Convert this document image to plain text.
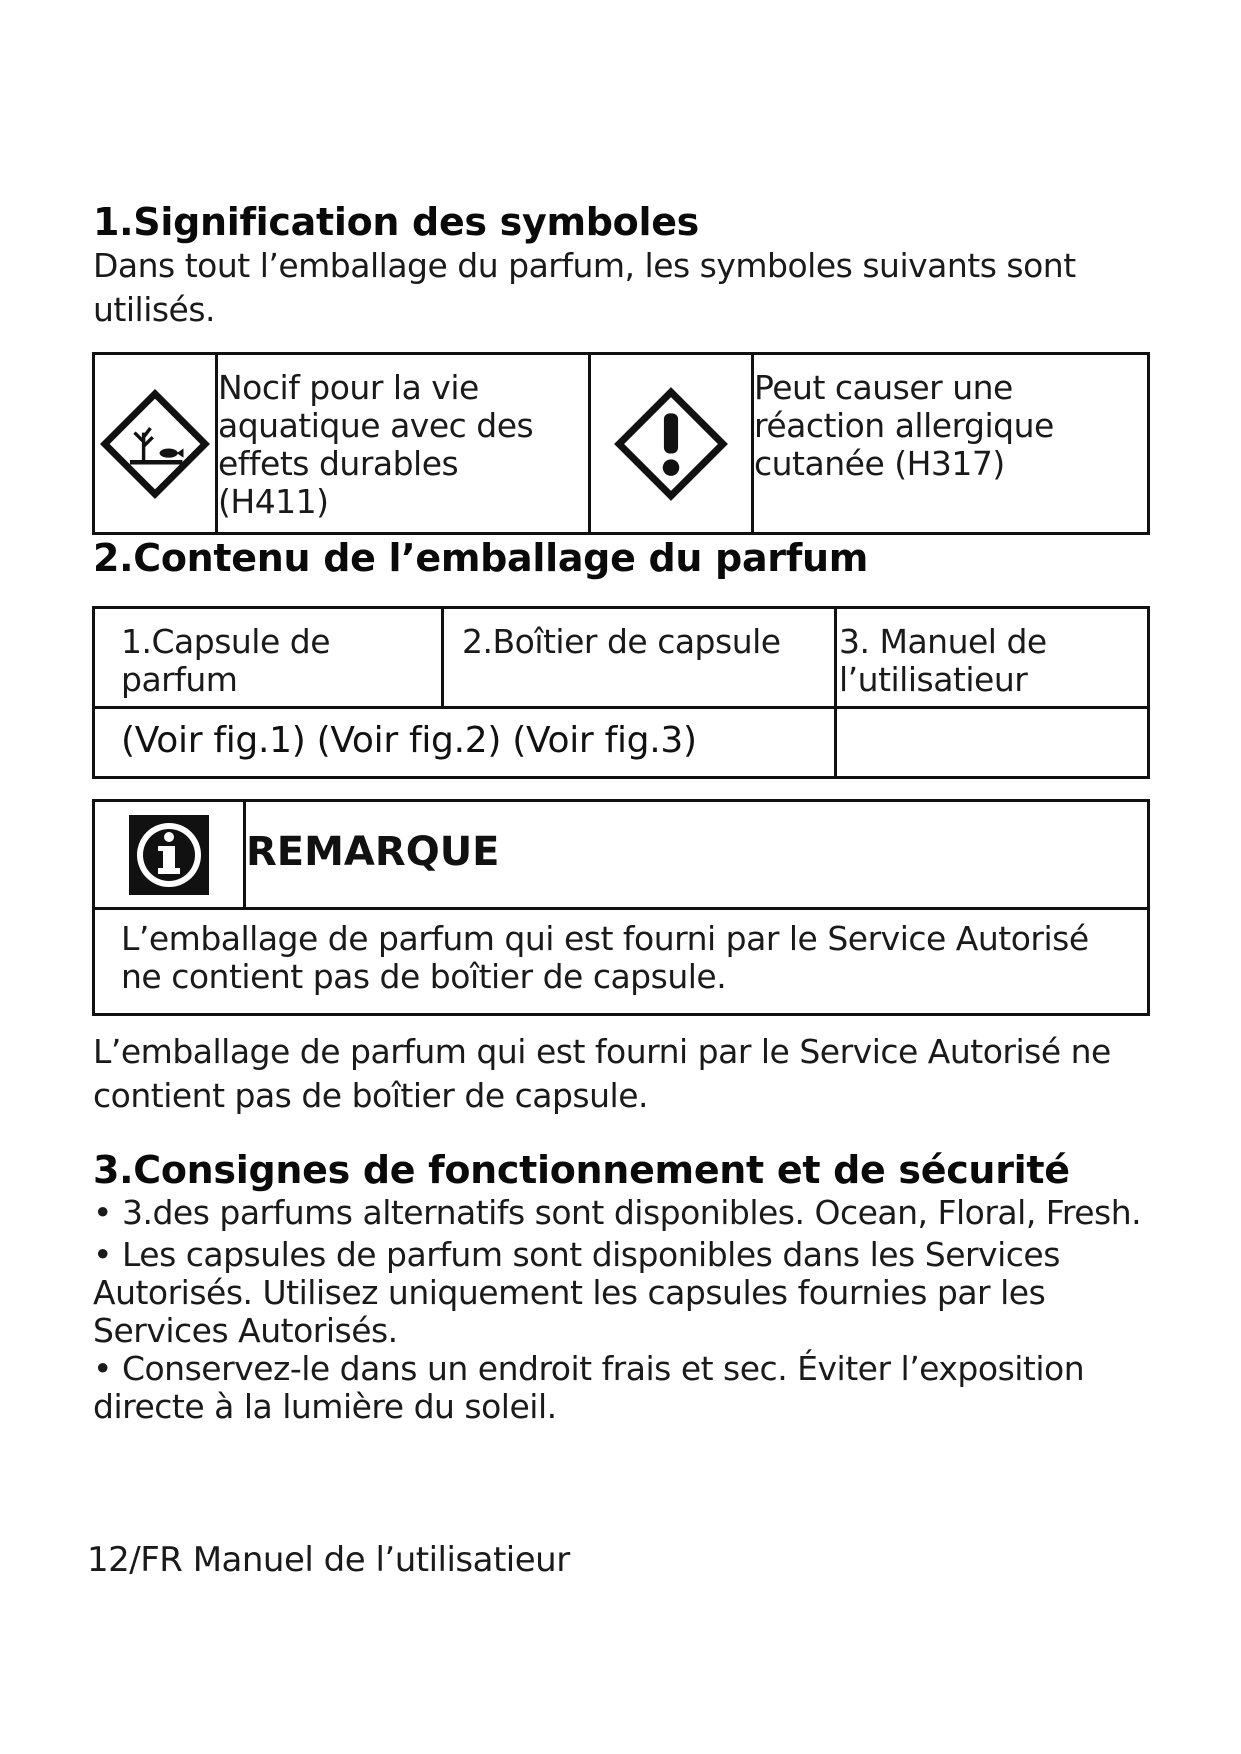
1.Signification des symboles

Dans tout l’emballage du parfum, les symboles suivants sont utilisés.

Nocif pour la vie aquatique avec des effets durables (H411)

Peut causer une réaction allergique cutanée (H317)
2.Contenu de l’emballage du parfum
1.Capsule de parfum	2.Boîtier de capsule	3. Manuel de l’utilisatieur

(Voir fig.1) (Voir fig.2) (Voir fig.3)		

REMARQUE

L’emballage de parfum qui est fourni par le Service Autorisé ne contient pas de boîtier de capsule.

L’emballage de parfum qui est fourni par le Service Autorisé ne contient pas de boîtier de capsule.

3.Consignes de fonctionnement et de sécurité

• 3.des parfums alternatifs sont disponibles. Ocean, Floral, Fresh.

• Les capsules de parfum sont disponibles dans les Services Autorisés. Utilisez uniquement les capsules fournies par les Services Autorisés.

• Conservez-le dans un endroit frais et sec. Éviter l’exposition directe à la lumière du soleil.

12/FR Manuel de l’utilisatieur
